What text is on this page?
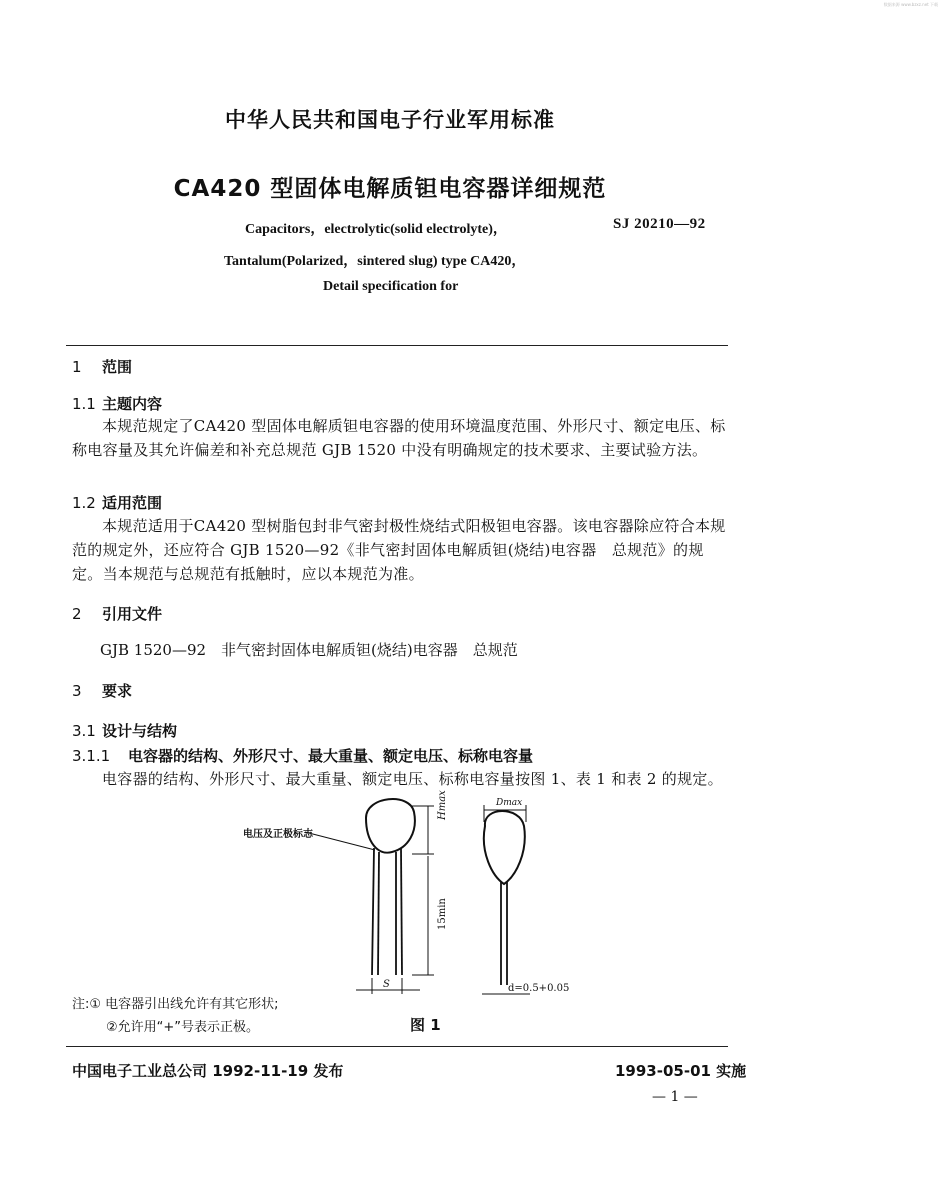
数据来源 www.bzxz.net 下载
中华人民共和国电子行业军用标准
CA420 型固体电解质钽电容器详细规范
Capacitors，electrolytic(solid electrolyte)，	SJ 20210—92
Tantalum(Polarized，sintered slug) type CA420，
Detail specification for
1 范围
1.1 主题内容
本规范规定了CA420 型固体电解质钽电容器的使用环境温度范围、外形尺寸、额定电压、标称电容量及其允许偏差和补充总规范 GJB 1520 中没有明确规定的技术要求、主要试验方法。
1.2 适用范围
本规范适用于CA420 型树脂包封非气密封极性烧结式阳极钽电容器。该电容器除应符合本规范的规定外，还应符合 GJB 1520—92《非气密封固体电解质钽(烧结)电容器　总规范》的规定。当本规范与总规范有抵触时，应以本规范为准。
2 引用文件
GJB 1520—92　非气密封固体电解质钽(烧结)电容器　总规范
3 要求
3.1 设计与结构
3.1.1 电容器的结构、外形尺寸、最大重量、额定电压、标称电容量
电容器的结构、外形尺寸、最大重量、额定电压、标称电容量按图 1、表 1 和表 2 的规定。
电压及正极标志
Hmax
15min
S
Dmax
d=0.5+0.05
注:① 电容器引出线允许有其它形状;
②允许用“+”号表示正极。	图 1
中国电子工业总公司 1992-11-19 发布	1993-05-01 实施
— 1 —
